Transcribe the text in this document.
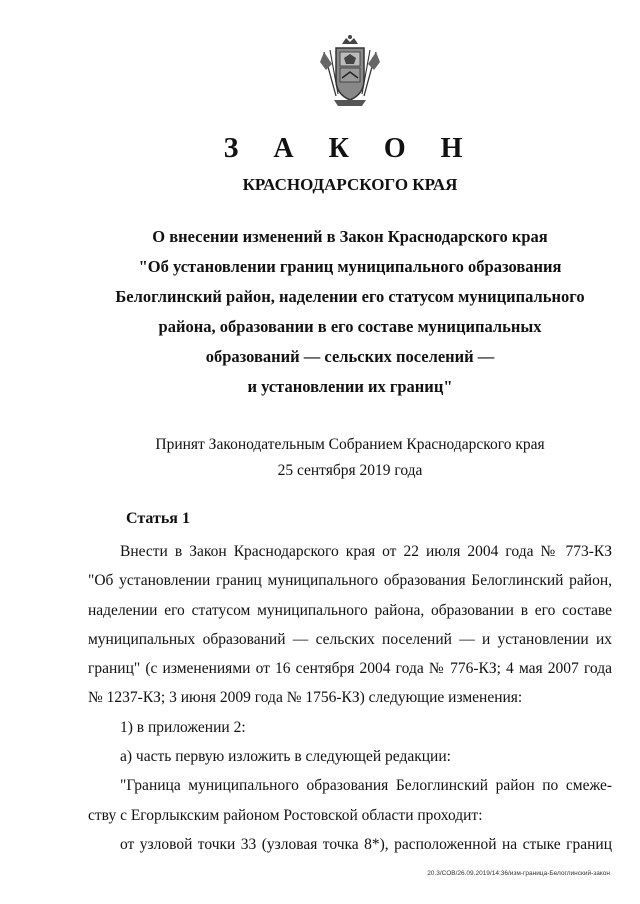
З А К О Н
КРАСНОДАРСКОГО КРАЯ
О внесении изменений в Закон Краснодарского края
"Об установлении границ муниципального образования
Белоглинский район, наделении его статусом муниципального
района, образовании в его составе муниципальных
образований — сельских поселений —
и установлении их границ"
Принят Законодательным Собранием Краснодарского края
25 сентября 2019 года
Статья 1
Внести в Закон Краснодарского края от 22 июля 2004 года № 773-КЗ
"Об установлении границ муниципального образования Белоглинский район,
наделении его статусом муниципального района, образовании в его составе
муниципальных образований — сельских поселений — и установлении их
границ" (с изменениями от 16 сентября 2004 года № 776-КЗ; 4 мая 2007 года
№ 1237-КЗ; 3 июня 2009 года № 1756-КЗ) следующие изменения:
1) в приложении 2:
а) часть первую изложить в следующей редакции:
"Граница муниципального образования Белоглинский район по смеже-
ству с Егорлыкским районом Ростовской области проходит:
от узловой точки 33 (узловая точка 8*), расположенной на стыке границ
20.3/СОВ/26.09.2019/14:36/изм-граница-Белоглинский-закон
